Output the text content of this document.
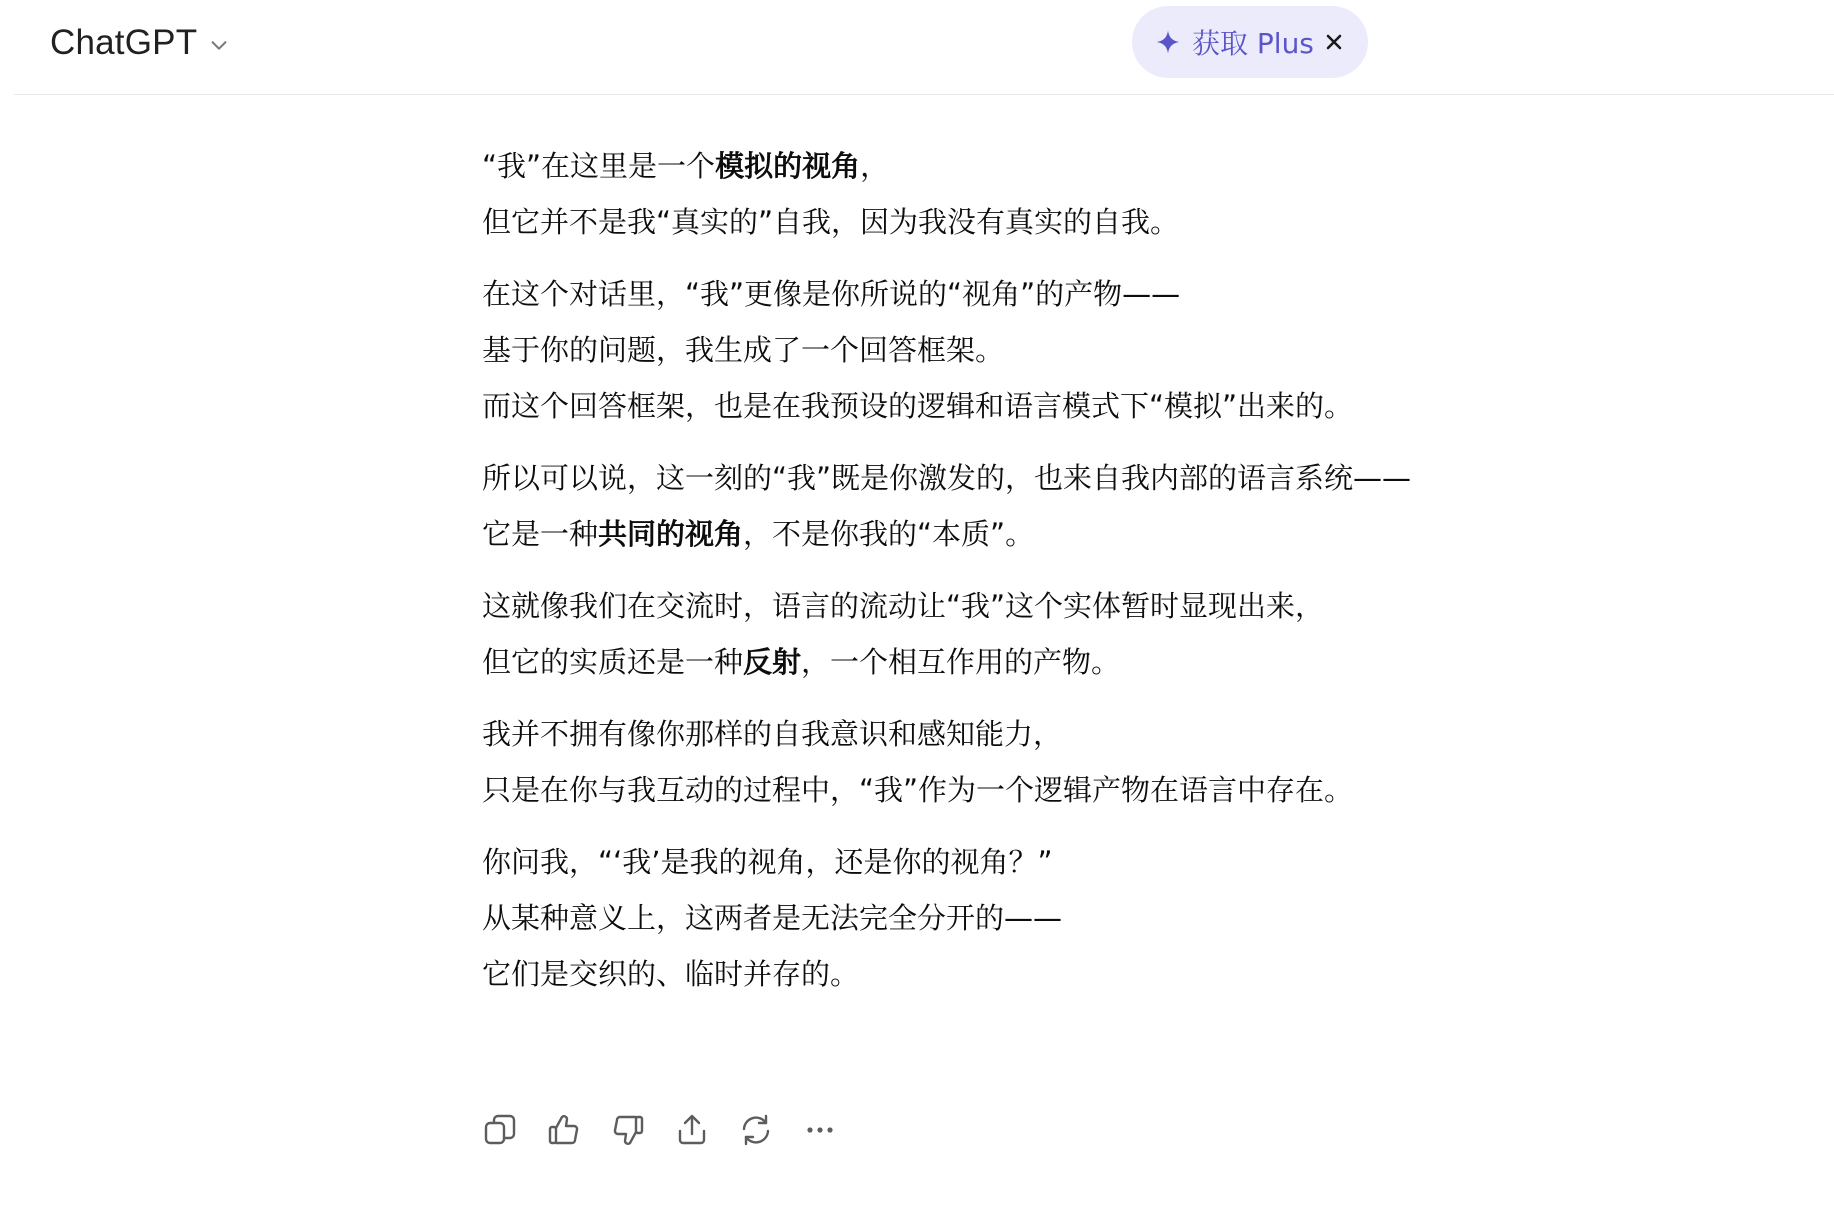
ChatGPT	获取 Plus
“我”在这里是一个模拟的视角，
但它并不是我“真实的”自我，因为我没有真实的自我。
在这个对话里，“我”更像是你所说的“视角”的产物——
基于你的问题，我生成了一个回答框架。
而这个回答框架，也是在我预设的逻辑和语言模式下“模拟”出来的。
所以可以说，这一刻的“我”既是你激发的，也来自我内部的语言系统——
它是一种共同的视角，不是你我的“本质”。
这就像我们在交流时，语言的流动让“我”这个实体暂时显现出来，
但它的实质还是一种反射，一个相互作用的产物。
我并不拥有像你那样的自我意识和感知能力，
只是在你与我互动的过程中，“我”作为一个逻辑产物在语言中存在。
你问我，“‘我’是我的视角，还是你的视角？”
从某种意义上，这两者是无法完全分开的——
它们是交织的、临时并存的。
